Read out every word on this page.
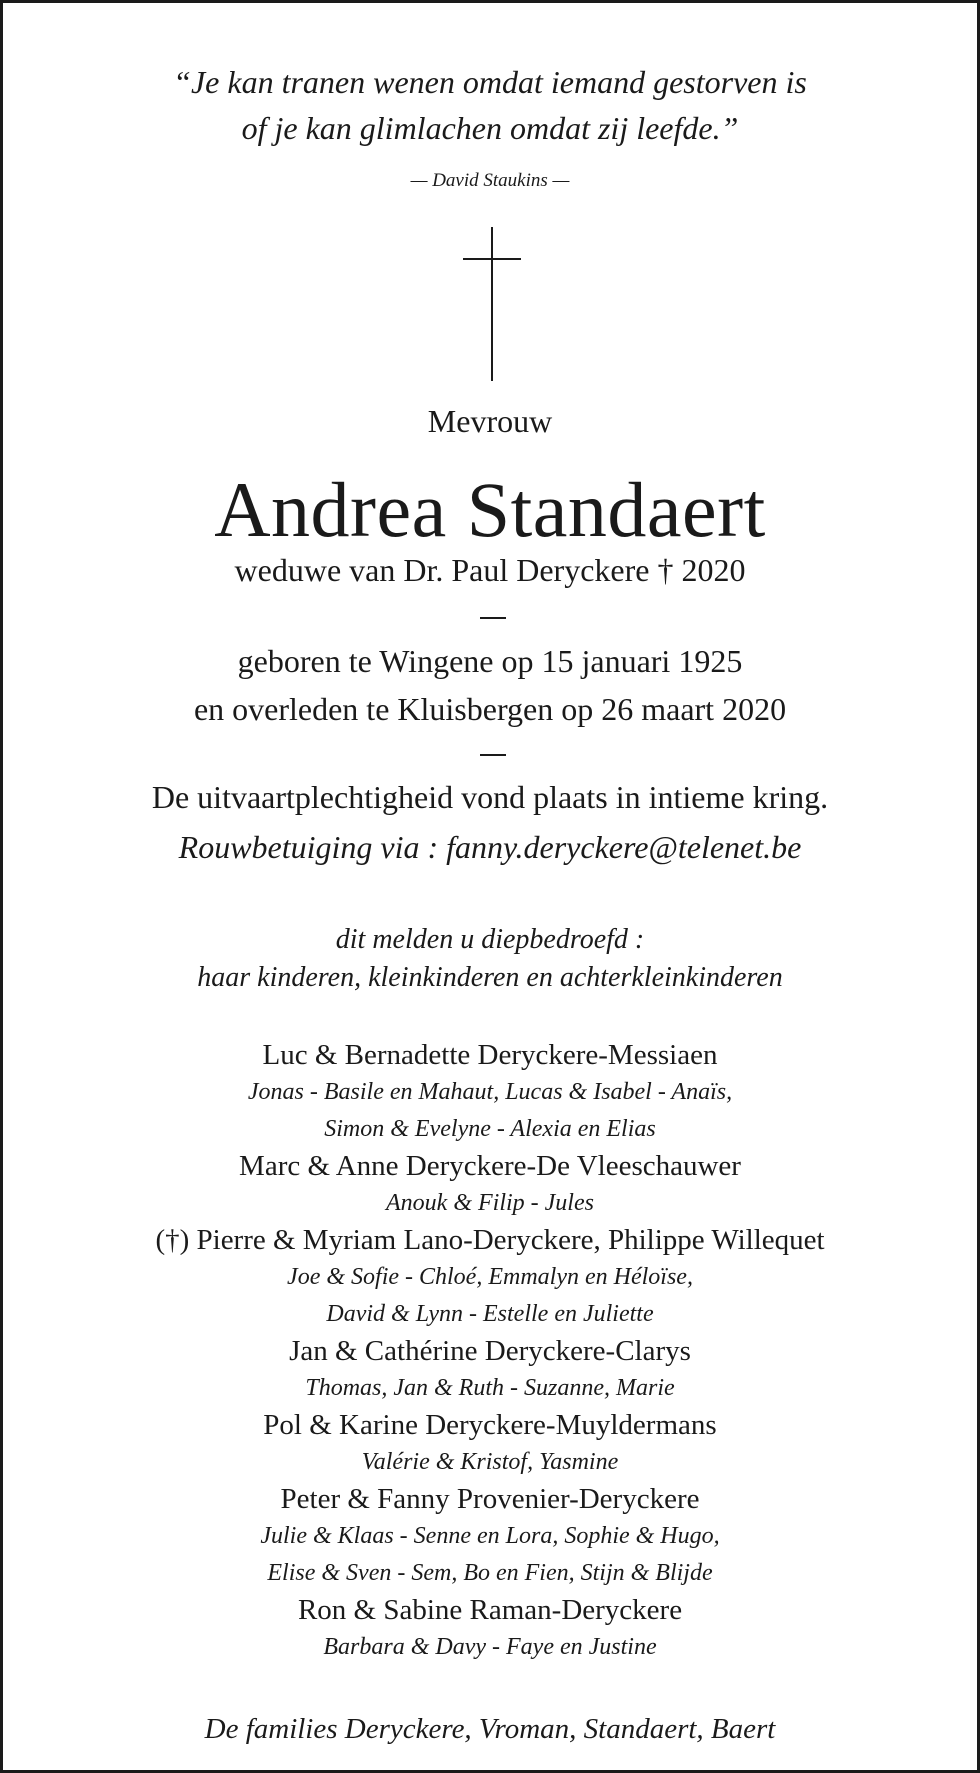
“Je kan tranen wenen omdat iemand gestorven is
of je kan glimlachen omdat zij leefde.”
— David Staukins —
Mevrouw
Andrea Standaert
weduwe van Dr. Paul Deryckere † 2020
geboren te Wingene op 15 januari 1925
en overleden te Kluisbergen op 26 maart 2020
De uitvaartplechtigheid vond plaats in intieme kring.
Rouwbetuiging via : fanny.deryckere@telenet.be
dit melden u diepbedroefd :
haar kinderen, kleinkinderen en achterkleinkinderen
Luc & Bernadette Deryckere-Messiaen
Jonas - Basile en Mahaut, Lucas & Isabel - Anaïs,
Simon & Evelyne - Alexia en Elias
Marc & Anne Deryckere-De Vleeschauwer
Anouk & Filip - Jules
(†) Pierre & Myriam Lano-Deryckere, Philippe Willequet
Joe & Sofie - Chloé, Emmalyn en Héloïse,
David & Lynn - Estelle en Juliette
Jan & Cathérine Deryckere-Clarys
Thomas, Jan & Ruth - Suzanne, Marie
Pol & Karine Deryckere-Muyldermans
Valérie & Kristof, Yasmine
Peter & Fanny Provenier-Deryckere
Julie & Klaas - Senne en Lora, Sophie & Hugo,
Elise & Sven - Sem, Bo en Fien, Stijn & Blijde
Ron & Sabine Raman-Deryckere
Barbara & Davy - Faye en Justine
De families Deryckere, Vroman, Standaert, Baert
